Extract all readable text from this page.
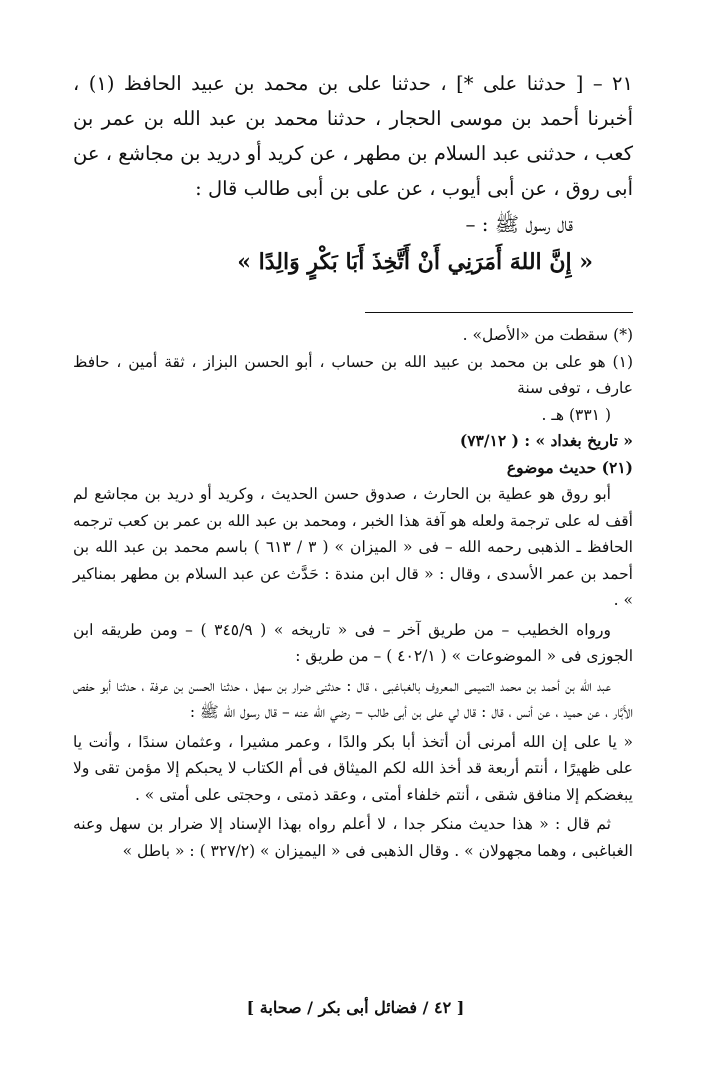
٢١ – [ حدثنا على *] ، حدثنا على بن محمد بن عبيد الحافظ (١) ، أخبرنا أحمد بن موسى الحجار ، حدثنا محمد بن عبد الله بن عمر بن كعب ، حدثنى عبد السلام بن مطهر ، عن كريد أو دريد بن مجاشع ، عن أبى روق ، عن أبى أيوب ، عن على بن أبى طالب قال :

قال رسول ﷺ : –

« إِنَّ اللهَ أَمَرَنِي أَنْ أَتَّخِذَ أَبَا بَكْرٍ وَالِدًا »

(*) سقطت من «الأصل» .

(١) هو على بن محمد بن عبيد الله بن حساب ، أبو الحسن البزاز ، ثقة أمين ، حافظ عارف ، توفى سنة

( ٣٣١) هـ .

« تاريخ بغداد » : ( ٧٣/١٢)

(٢١) حديث موضوع

أبو روق هو عطية بن الحارث ، صدوق حسن الحديث ، وكريد أو دريد بن مجاشع لم أقف له على ترجمة ولعله هو آفة هذا الخبر ، ومحمد بن عبد الله بن عمر بن كعب ترجمه الحافظ ـ الذهبى رحمه الله – فى « الميزان » ( ٣ / ٦١٣ ) باسم محمد بن عبد الله بن أحمد بن عمر الأسدى ، وقال : « قال ابن مندة : حَدَّث عن عبد السلام بن مطهر بمناكير » .

ورواه الخطيب – من طريق آخر – فى « تاريخه » ( ٣٤٥/٩ ) – ومن طريقه ابن الجوزى فى « الموضوعات » ( ٤٠٢/١ ) – من طريق :

عبد الله بن أحمد بن محمد التميمى المعروف بالغباغبى ، قال : حدثنى ضرار بن سهل ، حدثنا الحسن بن عرفة ، حدثنا أبو حفص الأَبَّار ، عن حميد ، عن أنس ، قال : قال لي على بن أبى طالب – رضي الله عنه – قال رسول الله ﷺ :

« يا على إن الله أمرنى أن أتخذ أبا بكر والدًا ، وعمر مشيرا ، وعثمان سندًا ، وأنت يا على ظهيرًا ، أنتم أربعة قد أخذ الله لكم الميثاق فى أم الكتاب لا يحبكم إلا مؤمن تقى ولا يبغضكم إلا منافق شقى ، أنتم خلفاء أمتى ، وعقد ذمتى ، وحجتى على أمتى » .

ثم قال : « هذا حديث منكر جدا ، لا أعلم رواه بهذا الإسناد إلا ضرار بن سهل وعنه الغباغبى ، وهما مجهولان » . وقال الذهبى فى « اليميزان » (٣٢٧/٢ ) : « باطل »

[ ٤٢ / فضائل أبى بكر / صحابة ]
